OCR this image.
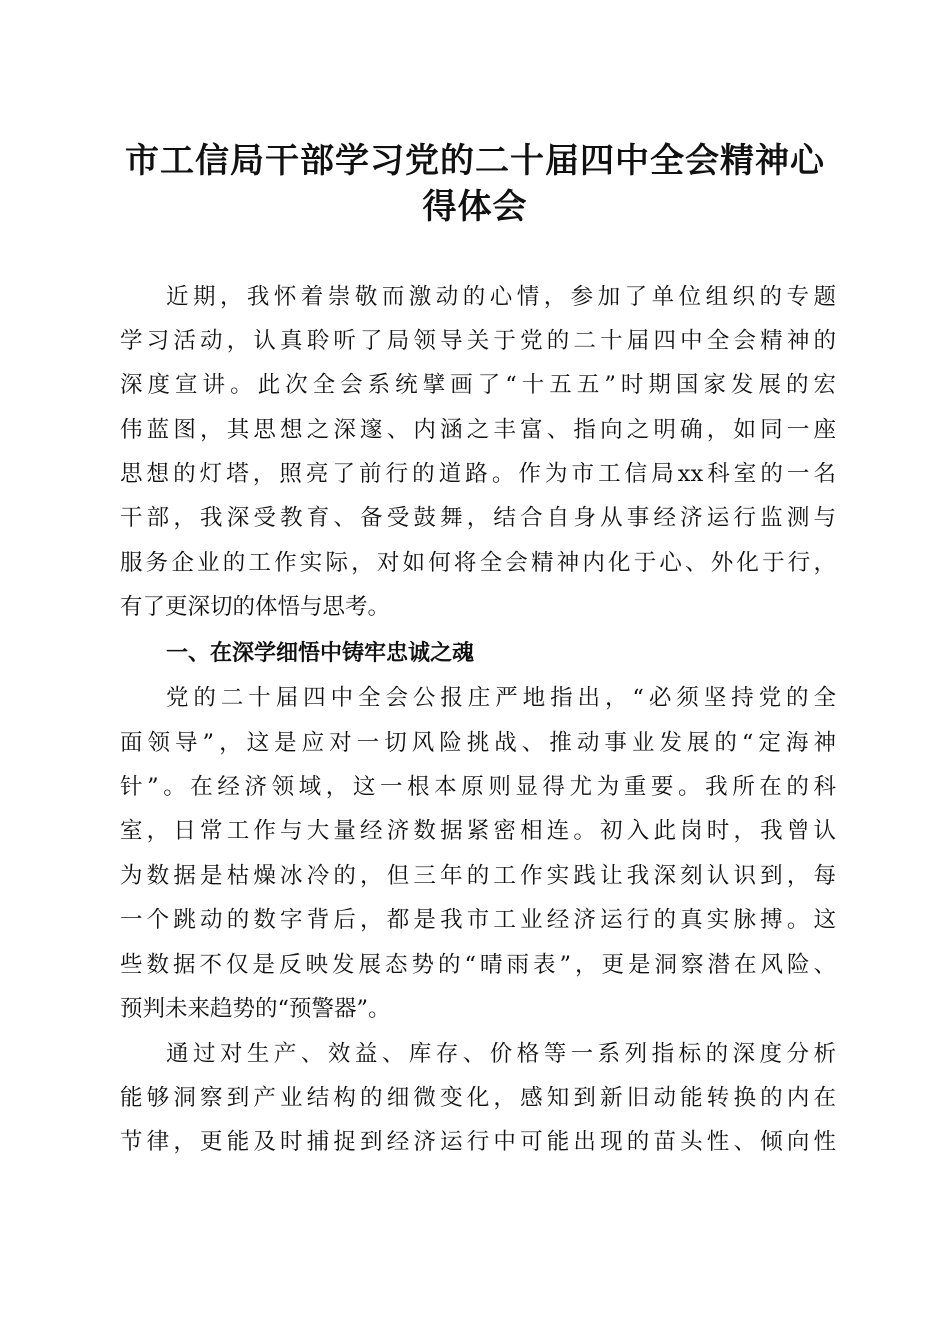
市工信局干部学习党的二十届四中全会精神心
得体会
近期，我怀着崇敬而激动的心情，参加了单位组织的专题
学习活动，认真聆听了局领导关于党的二十届四中全会精神的
深度宣讲。此次全会系统擘画了“十五五”时期国家发展的宏
伟蓝图，其思想之深邃、内涵之丰富、指向之明确，如同一座
思想的灯塔，照亮了前行的道路。作为市工信局xx科室的一名
干部，我深受教育、备受鼓舞，结合自身从事经济运行监测与
服务企业的工作实际，对如何将全会精神内化于心、外化于行，
有了更深切的体悟与思考。
一、在深学细悟中铸牢忠诚之魂
党的二十届四中全会公报庄严地指出，“必须坚持党的全
面领导”，这是应对一切风险挑战、推动事业发展的“定海神
针”。在经济领域，这一根本原则显得尤为重要。我所在的科
室，日常工作与大量经济数据紧密相连。初入此岗时，我曾认
为数据是枯燥冰冷的，但三年的工作实践让我深刻认识到，每
一个跳动的数字背后，都是我市工业经济运行的真实脉搏。这
些数据不仅是反映发展态势的“晴雨表”，更是洞察潜在风险、
预判未来趋势的“预警器”。
通过对生产、效益、库存、价格等一系列指标的深度分析
能够洞察到产业结构的细微变化，感知到新旧动能转换的内在
节律，更能及时捕捉到经济运行中可能出现的苗头性、倾向性
